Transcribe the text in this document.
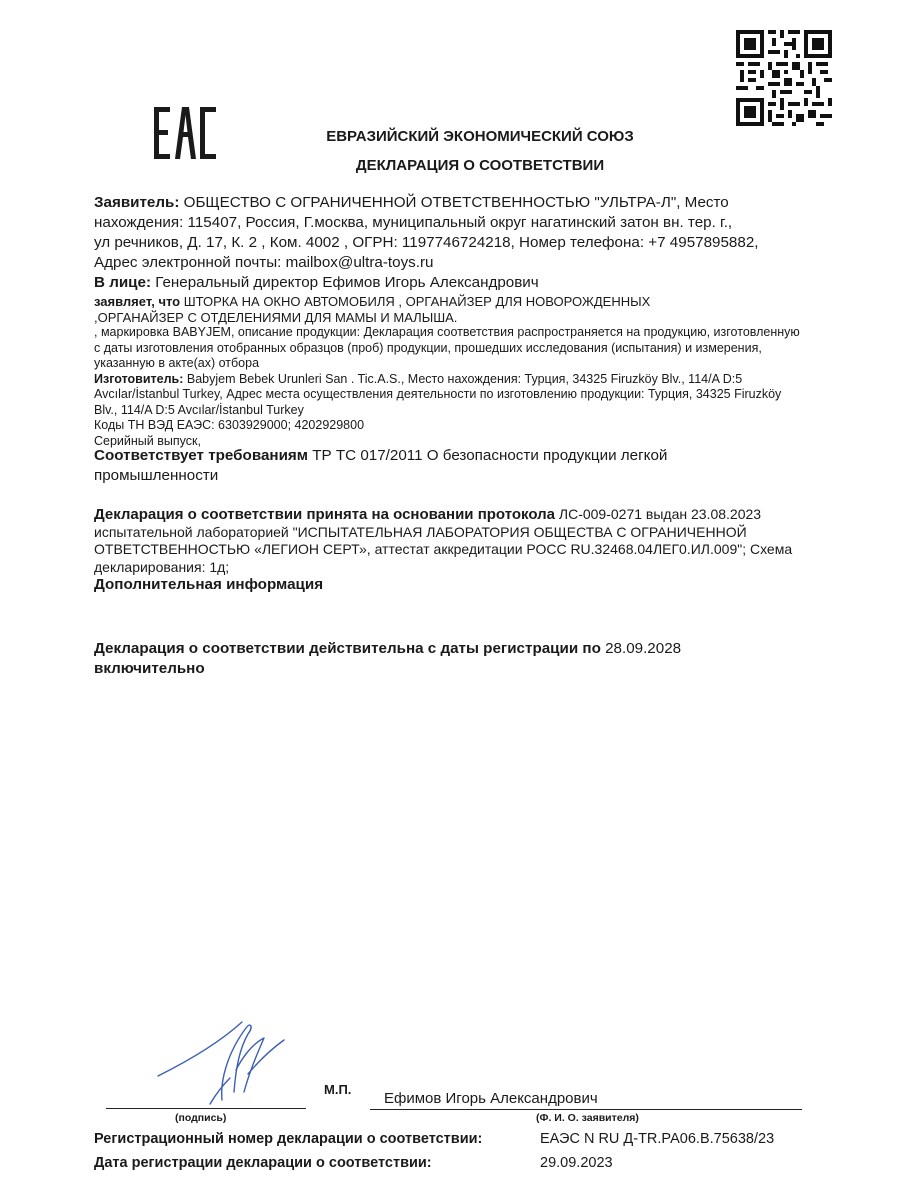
ЕВРАЗИЙСКИЙ ЭКОНОМИЧЕСКИЙ СОЮЗ
ДЕКЛАРАЦИЯ О СООТВЕТСТВИИ
Заявитель: ОБЩЕСТВО С ОГРАНИЧЕННОЙ ОТВЕТСТВЕННОСТЬЮ "УЛЬТРА-Л", Место
нахождения: 115407, Россия, Г.москва, муниципальный округ нагатинский затон вн. тер. г.,
ул речников, Д. 17, К. 2 , Ком. 4002 , ОГРН: 1197746724218, Номер телефона: +7 4957895882,
Адрес электронной почты: mailbox@ultra-toys.ru
В лице: Генеральный директор Ефимов Игорь Александрович
заявляет, что ШТОРКА НА ОКНО АВТОМОБИЛЯ , ОРГАНАЙЗЕР ДЛЯ НОВОРОЖДЕННЫХ
,ОРГАНАЙЗЕР С ОТДЕЛЕНИЯМИ ДЛЯ МАМЫ И МАЛЫША.
, маркировка BABYJEM, описание продукции: Декларация соответствия распространяется на продукцию, изготовленную
с даты изготовления отобранных образцов (проб) продукции, прошедших исследования (испытания) и измерения,
указанную в акте(ах) отбора
Изготовитель: Babyjem Bebek Urunleri San . Tic.A.S., Место нахождения: Турция, 34325 Firuzköy Blv., 114/A D:5
Avcılar/İstanbul Turkey, Адрес места осуществления деятельности по изготовлению продукции: Турция, 34325 Firuzköy
Blv., 114/A D:5 Avcılar/İstanbul Turkey
Коды ТН ВЭД ЕАЭС: 6303929000; 4202929800
Серийный выпуск,
Соответствует требованиям ТР ТС 017/2011 О безопасности продукции легкой
промышленности
Декларация о соответствии принята на основании протокола ЛС-009-0271 выдан 23.08.2023
испытательной лабораторией "ИСПЫТАТЕЛЬНАЯ ЛАБОРАТОРИЯ ОБЩЕСТВА С ОГРАНИЧЕННОЙ
ОТВЕТСТВЕННОСТЬЮ «ЛЕГИОН СЕРТ», аттестат аккредитации РОСС RU.32468.04ЛЕГ0.ИЛ.009"; Схема
декларирования: 1д;
Дополнительная информация
Декларация о соответствии действительна с даты регистрации по 28.09.2028
включительно
М.П.
Ефимов Игорь Александрович
(подпись)	(Ф. И. О. заявителя)
Регистрационный номер декларации о соответствии:	ЕАЭС N RU Д-TR.РА06.В.75638/23
Дата регистрации декларации о соответствии:	29.09.2023
